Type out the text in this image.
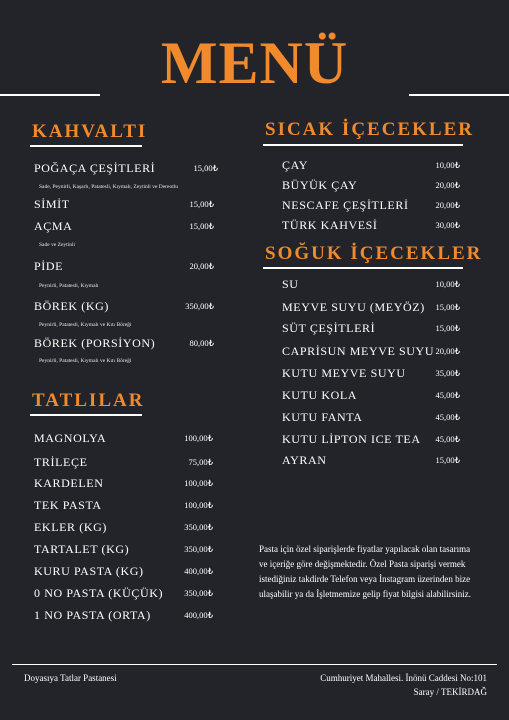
MENÜ
KAHVALTI
POĞAÇA ÇEŞİTLERİ	15,00₺
Sade, Peynirli, Kaşarlı, Patatesli, Kıymalı, Zeytinli ve Dereotlu
SİMİT	15,00₺
AÇMA	15,00₺
Sade ve Zeytinli
PİDE	20,00₺
Peynirli, Patatesli, Kıymalı
BÖREK (KG)	350,00₺
Peynirli, Patatesli, Kıymalı ve Kıtı Böreği
BÖREK (PORSİYON)	80,00₺
Peynirli, Patatesli, Kıymalı ve Kıtı Böreği
TATLILAR
MAGNOLYA	100,00₺
TRİLEÇE	75,00₺
KARDELEN	100,00₺
TEK PASTA	100,00₺
EKLER (KG)	350,00₺
TARTALET (KG)	350,00₺
KURU PASTA (KG)	400,00₺
0 NO PASTA (KÜÇÜK)	350,00₺
1 NO PASTA (ORTA)	400,00₺
SICAK İÇECEKLER
ÇAY	10,00₺
BÜYÜK ÇAY	20,00₺
NESCAFE ÇEŞİTLERİ	20,00₺
TÜRK KAHVESİ	30,00₺
SOĞUK İÇECEKLER
SU	10,00₺
MEYVE SUYU (MEYÖZ)	15,00₺
SÜT ÇEŞİTLERİ	15,00₺
CAPRİSUN MEYVE SUYU 20,00₺
KUTU MEYVE SUYU	35,00₺
KUTU KOLA	45,00₺
KUTU FANTA	45,00₺
KUTU LİPTON ICE TEA	45,00₺
AYRAN	15,00₺
Pasta için özel siparişlerde fiyatlar yapılacak olan tasarıma ve içeriğe göre değişmektedir. Özel Pasta siparişi vermek istediğiniz takdirde Telefon veya İnstagram üzerinden bize ulaşabilir ya da İşletmemize gelip fiyat bilgisi alabilirsiniz.
Doyasıya Tatlar Pastanesi	Cumhuriyet Mahallesi. İnönü Caddesi No:101
Saray / TEKİRDAĞ
